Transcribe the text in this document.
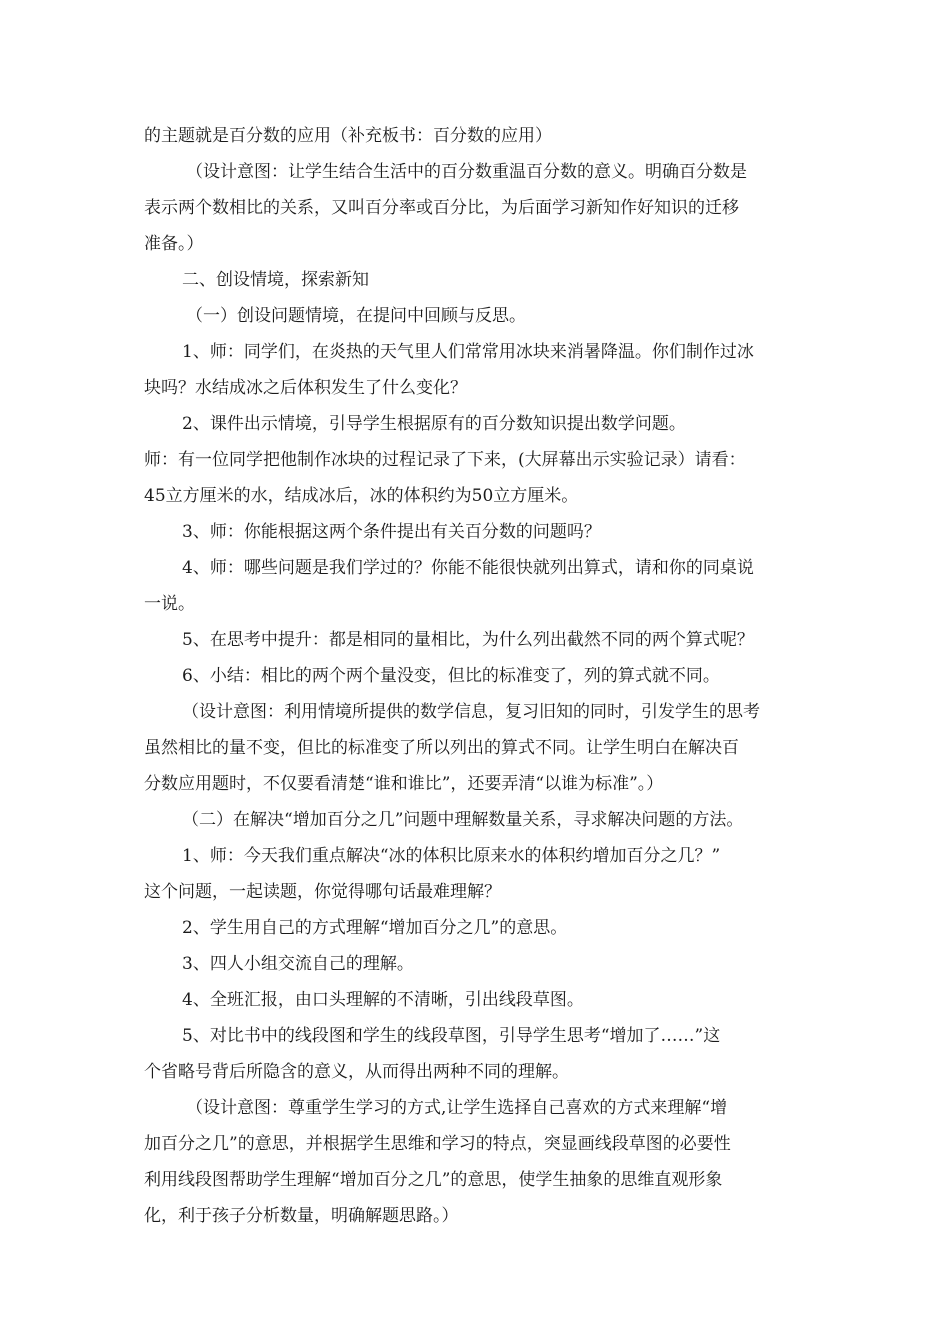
的主题就是百分数的应用（补充板书：百分数的应用）
（设计意图：让学生结合生活中的百分数重温百分数的意义。明确百分数是
表示两个数相比的关系，又叫百分率或百分比，为后面学习新知作好知识的迁移
准备。）
二、创设情境，探索新知
（一）创设问题情境，在提问中回顾与反思。
1、师：同学们，在炎热的天气里人们常常用冰块来消暑降温。你们制作过冰
块吗？水结成冰之后体积发生了什么变化？
2、课件出示情境，引导学生根据原有的百分数知识提出数学问题。
师：有一位同学把他制作冰块的过程记录了下来，(大屏幕出示实验记录）请看：
45立方厘米的水，结成冰后，冰的体积约为50立方厘米。
3、师：你能根据这两个条件提出有关百分数的问题吗？
4、师：哪些问题是我们学过的？你能不能很快就列出算式，请和你的同桌说
一说。
5、在思考中提升：都是相同的量相比，为什么列出截然不同的两个算式呢？
6、小结：相比的两个两个量没变，但比的标准变了，列的算式就不同。
（设计意图：利用情境所提供的数学信息，复习旧知的同时，引发学生的思考
虽然相比的量不变，但比的标准变了所以列出的算式不同。让学生明白在解决百
分数应用题时，不仅要看清楚“谁和谁比”，还要弄清“以谁为标准”。）
（二）在解决“增加百分之几”问题中理解数量关系，寻求解决问题的方法。
1、师：今天我们重点解决“冰的体积比原来水的体积约增加百分之几？”
这个问题，一起读题，你觉得哪句话最难理解？
2、学生用自己的方式理解“增加百分之几”的意思。
3、四人小组交流自己的理解。
4、全班汇报，由口头理解的不清晰，引出线段草图。
5、对比书中的线段图和学生的线段草图，引导学生思考“增加了……”这
个省略号背后所隐含的意义，从而得出两种不同的理解。
（设计意图：尊重学生学习的方式,让学生选择自己喜欢的方式来理解“增
加百分之几”的意思，并根据学生思维和学习的特点，突显画线段草图的必要性
利用线段图帮助学生理解“增加百分之几”的意思，使学生抽象的思维直观形象
化，利于孩子分析数量，明确解题思路。）
